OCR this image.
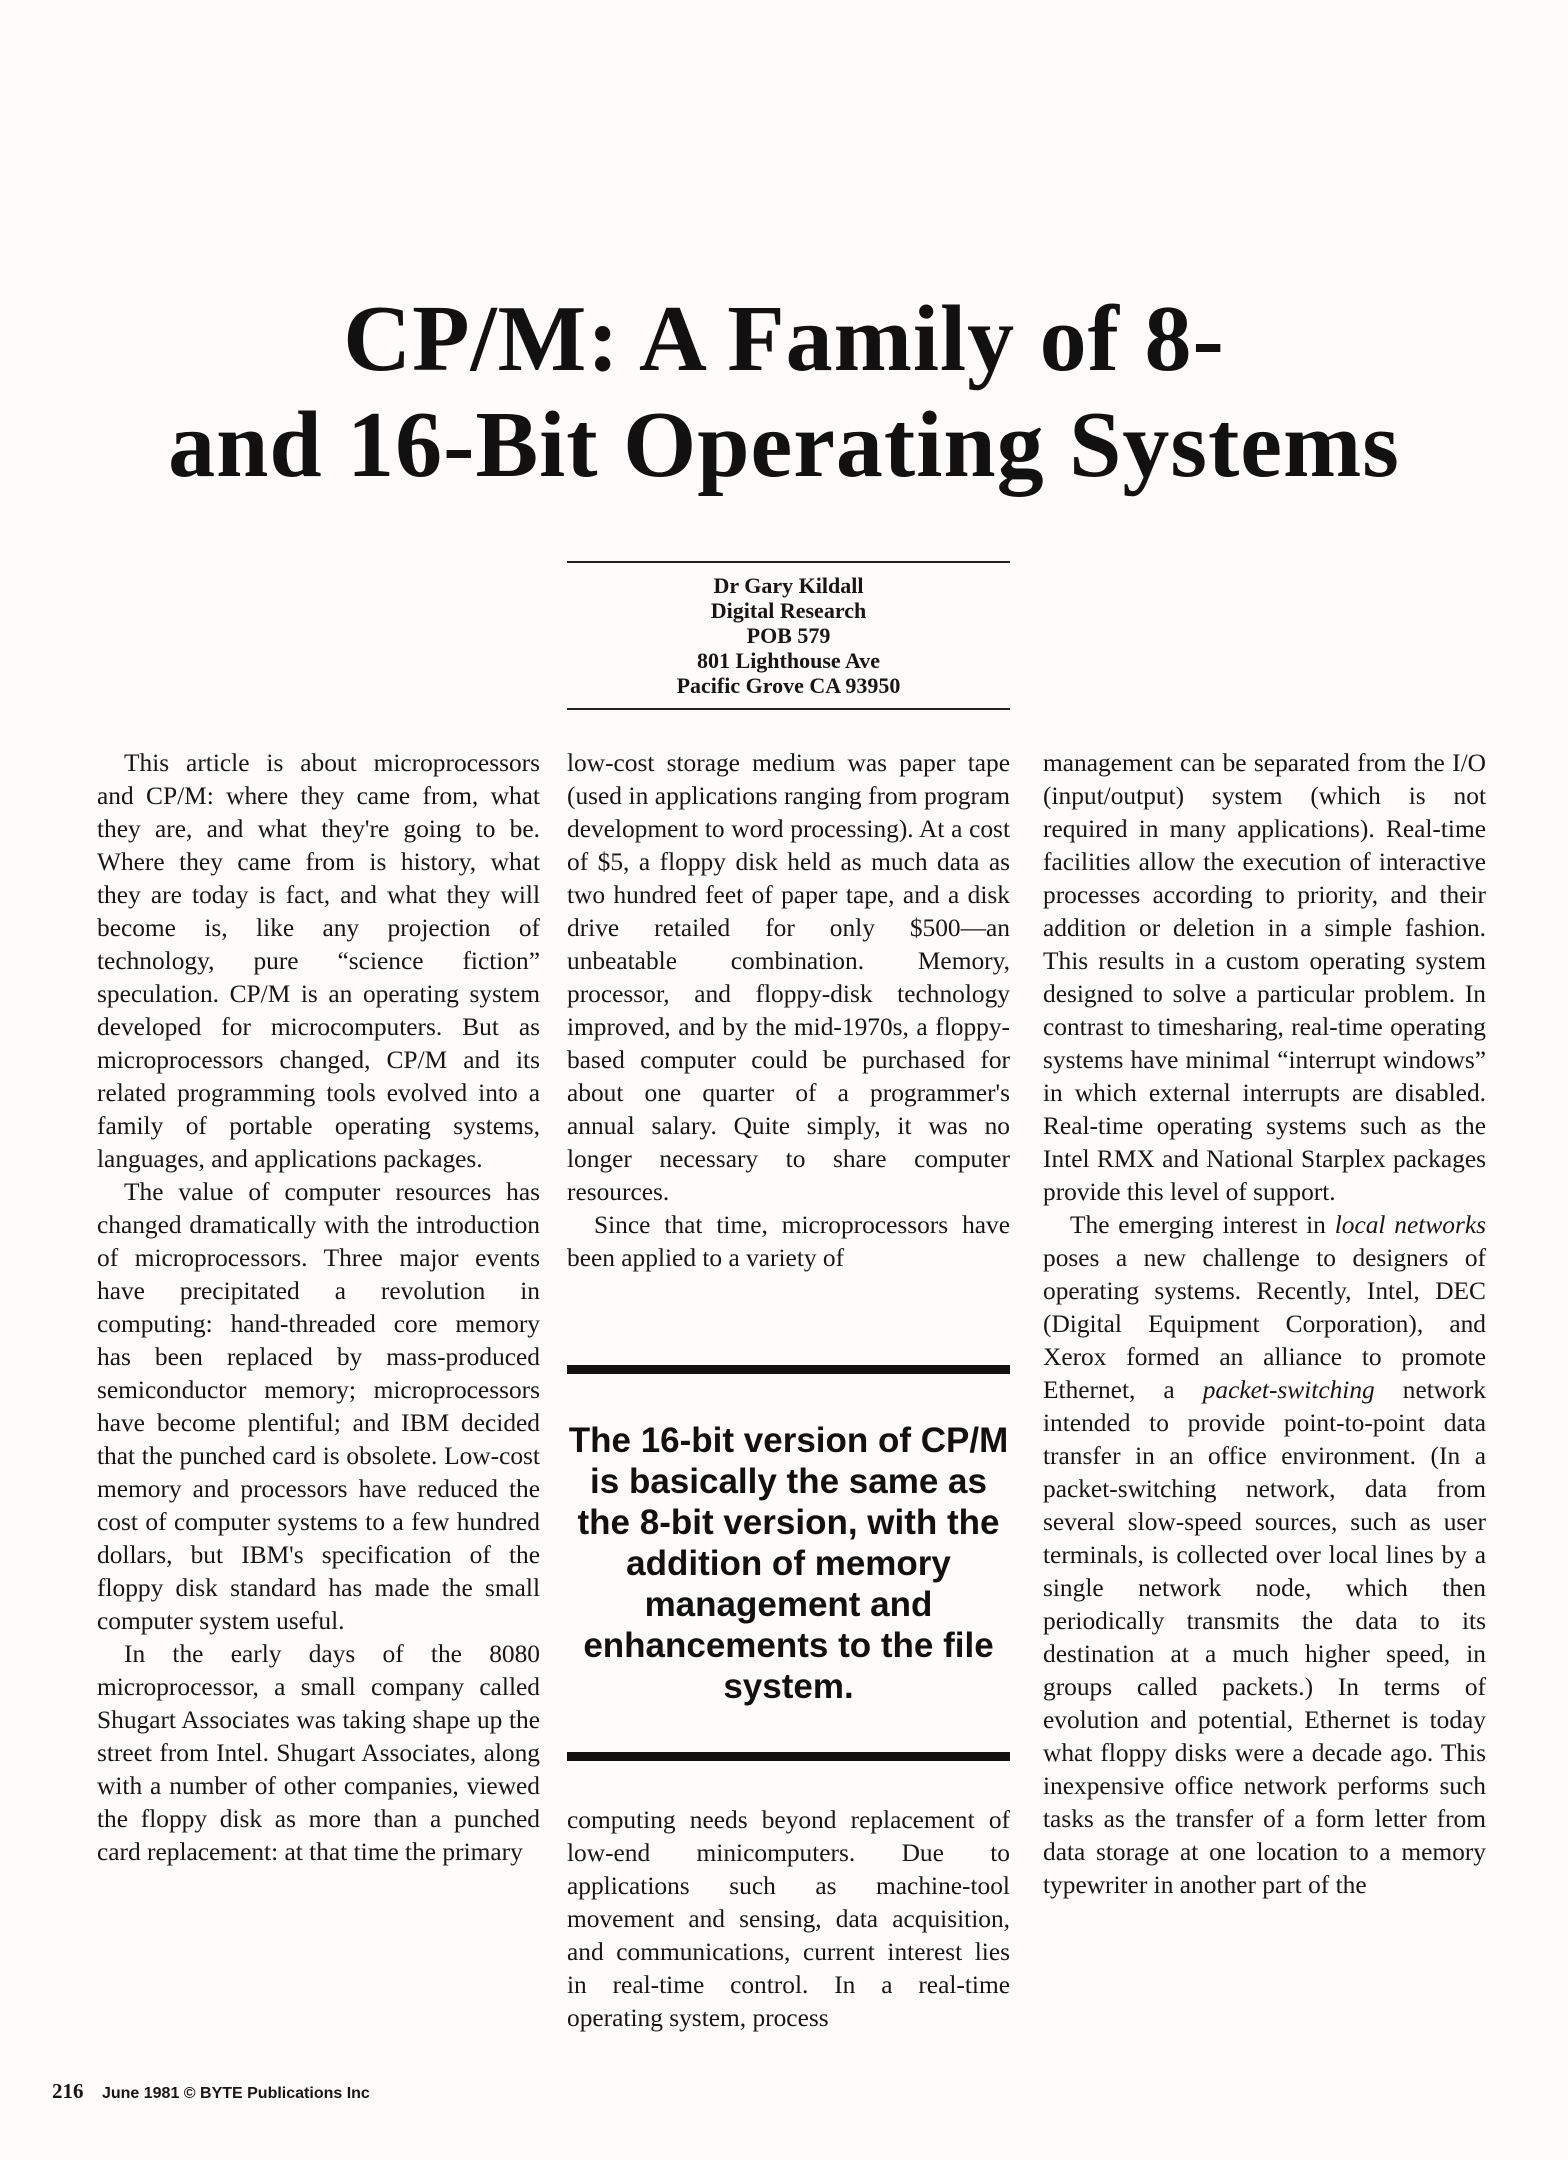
CP/M: A Family of 8-
and 16-Bit Operating Systems
Dr Gary Kildall
Digital Research
POB 579
801 Lighthouse Ave
Pacific Grove CA 93950

This article is about microprocessors and CP/M: where they came from, what they are, and what they're going to be. Where they came from is history, what they are today is fact, and what they will become is, like any projection of technology, pure “science fiction” speculation. CP/M is an operating system developed for microcomputers. But as microprocessors changed, CP/M and its related programming tools evolved into a family of portable operating systems, languages, and applications packages.

The value of computer resources has changed dramatically with the introduction of microprocessors. Three major events have precipitated a revolution in computing: hand-threaded core memory has been replaced by mass-produced semiconductor memory; microprocessors have become plentiful; and IBM decided that the punched card is obsolete. Low-cost memory and processors have reduced the cost of computer systems to a few hundred dollars, but IBM's specification of the floppy disk standard has made the small computer system useful.

In the early days of the 8080 microprocessor, a small company called Shugart Associates was taking shape up the street from Intel. Shugart Associates, along with a number of other companies, viewed the floppy disk as more than a punched card replacement: at that time the primary

low-cost storage medium was paper tape (used in applications ranging from program development to word processing). At a cost of $5, a floppy disk held as much data as two hundred feet of paper tape, and a disk drive retailed for only $500—an unbeatable combination. Memory, processor, and floppy-disk technology improved, and by the mid-1970s, a floppy-based computer could be purchased for about one quarter of a programmer's annual salary. Quite simply, it was no longer necessary to share computer resources.

Since that time, microprocessors have been applied to a variety of

The 16-bit version of CP/M is basically the same as the 8-bit version, with the addition of memory management and enhancements to the file system.

computing needs beyond replacement of low-end minicomputers. Due to applications such as machine-tool movement and sensing, data acquisition, and communications, current interest lies in real-time control. In a real-time operating system, process

management can be separated from the I/O (input/output) system (which is not required in many applications). Real-time facilities allow the execution of interactive processes according to priority, and their addition or deletion in a simple fashion. This results in a custom operating system designed to solve a particular problem. In contrast to timesharing, real-time operating systems have minimal “interrupt windows” in which external interrupts are disabled. Real-time operating systems such as the Intel RMX and National Starplex packages provide this level of support.

The emerging interest in local networks poses a new challenge to designers of operating systems. Recently, Intel, DEC (Digital Equipment Corporation), and Xerox formed an alliance to promote Ethernet, a packet-switching network intended to provide point-to-point data transfer in an office environment. (In a packet-switching network, data from several slow-speed sources, such as user terminals, is collected over local lines by a single network node, which then periodically transmits the data to its destination at a much higher speed, in groups called packets.) In terms of evolution and potential, Ethernet is today what floppy disks were a decade ago. This inexpensive office network performs such tasks as the transfer of a form letter from data storage at one location to a memory typewriter in another part of the

216 June 1981 © BYTE Publications Inc
